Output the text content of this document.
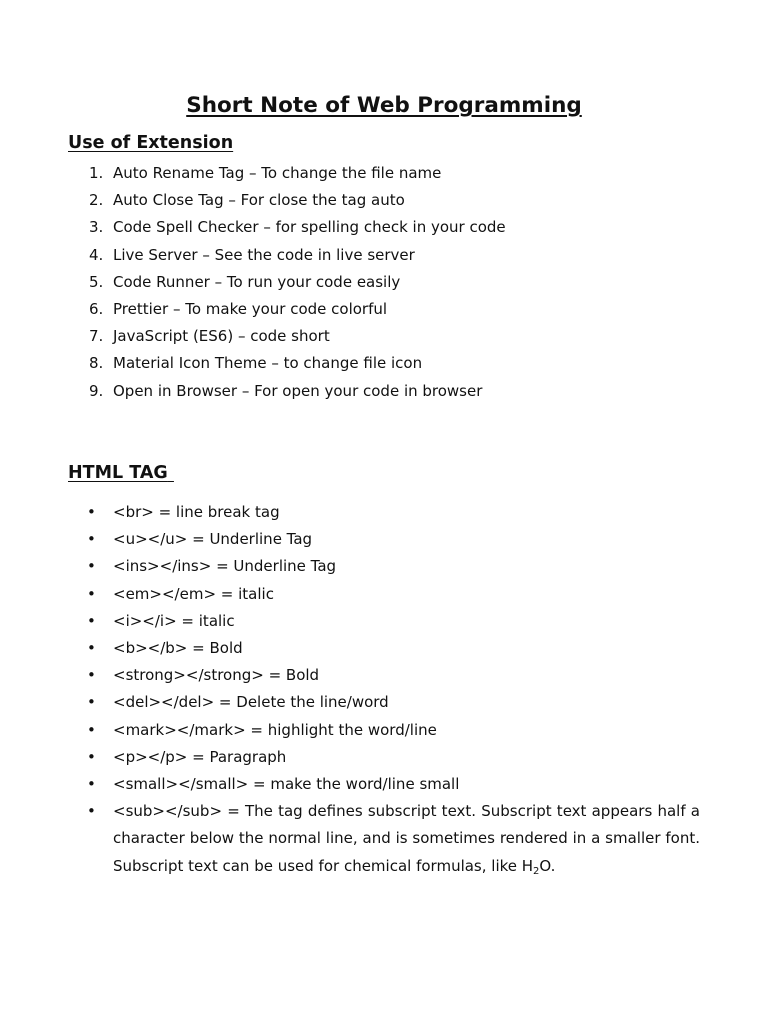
Short Note of Web Programming
Use of Extension
1. Auto Rename Tag – To change the file name
2. Auto Close Tag – For close the tag auto
3. Code Spell Checker – for spelling check in your code
4. Live Server – See the code in live server
5. Code Runner – To run your code easily
6. Prettier – To make your code colorful
7. JavaScript (ES6) – code short
8. Material Icon Theme – to change file icon
9. Open in Browser – For open your code in browser
HTML TAG
• <br> = line break tag
• <u></u> = Underline Tag
• <ins></ins> = Underline Tag
• <em></em> = italic
• <i></i> = italic
• <b></b> = Bold
• <strong></strong> = Bold
• <del></del> = Delete the line/word
• <mark></mark> = highlight the word/line
• <p></p> = Paragraph
• <small></small> = make the word/line small
• <sub></sub> = The tag defines subscript text. Subscript text appears half a character below the normal line, and is sometimes rendered in a smaller font. Subscript text can be used for chemical formulas, like $H_2O$.
